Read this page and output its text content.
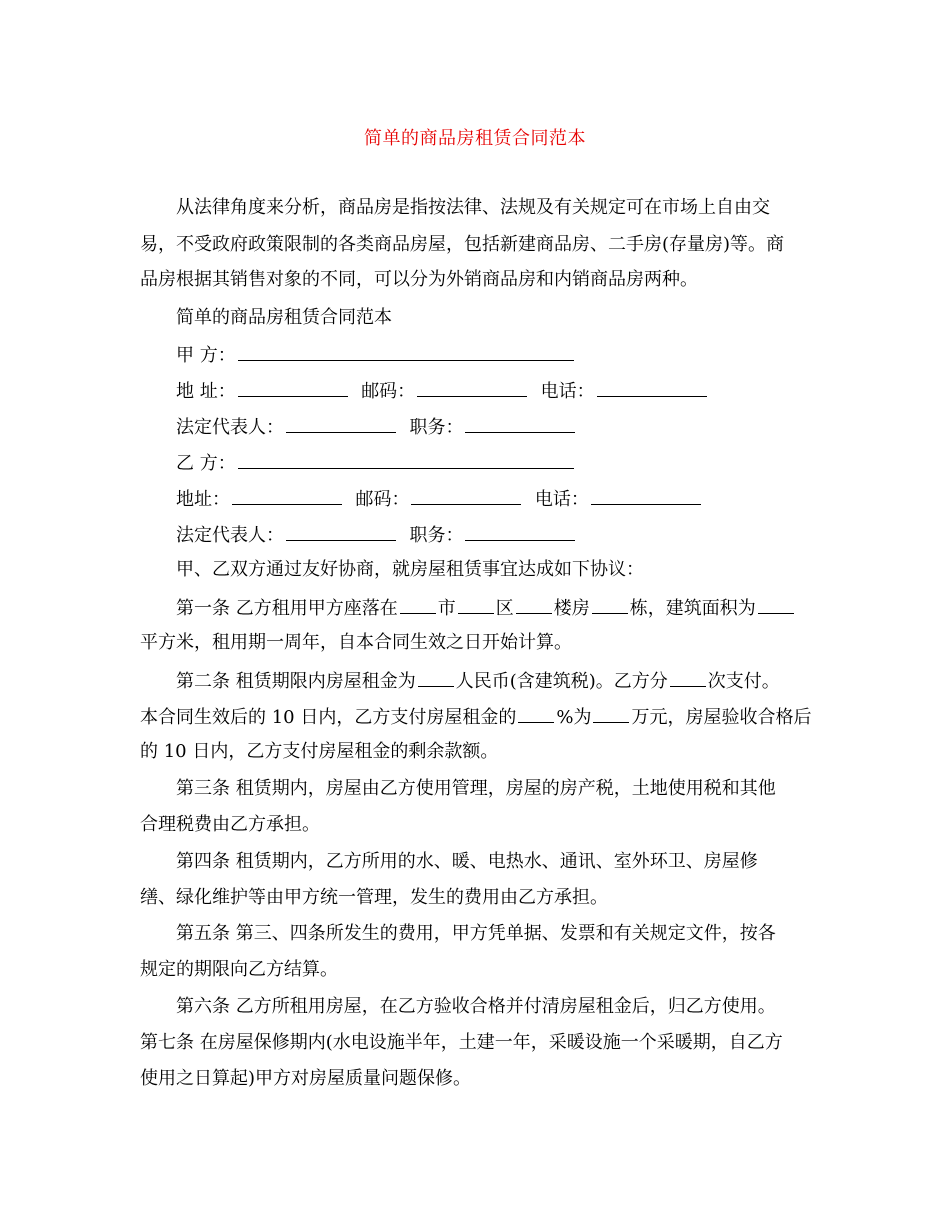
简单的商品房租赁合同范本
从法律角度来分析，商品房是指按法律、法规及有关规定可在市场上自由交
易，不受政府政策限制的各类商品房屋，包括新建商品房、二手房(存量房)等。商
品房根据其销售对象的不同，可以分为外销商品房和内销商品房两种。
简单的商品房租赁合同范本
甲 方：
地 址：	邮码：	电话：
法定代表人：	职务：
乙 方：
地址：	邮码：	电话：
法定代表人：	职务：
甲、乙双方通过友好协商，就房屋租赁事宜达成如下协议：
第一条 乙方租用甲方座落在 市 区 楼房 栋，建筑面积为
平方米，租用期一周年，自本合同生效之日开始计算。
第二条 租赁期限内房屋租金为 人民币(含建筑税)。乙方分 次支付。
本合同生效后的 10 日内，乙方支付房屋租金的 %为 万元，房屋验收合格后
的 10 日内，乙方支付房屋租金的剩余款额。
第三条 租赁期内，房屋由乙方使用管理，房屋的房产税，土地使用税和其他
合理税费由乙方承担。
第四条 租赁期内，乙方所用的水、暖、电热水、通讯、室外环卫、房屋修
缮、绿化维护等由甲方统一管理，发生的费用由乙方承担。
第五条 第三、四条所发生的费用，甲方凭单据、发票和有关规定文件，按各
规定的期限向乙方结算。
第六条 乙方所租用房屋，在乙方验收合格并付清房屋租金后，归乙方使用。
第七条 在房屋保修期内(水电设施半年，土建一年，采暖设施一个采暖期，自乙方
使用之日算起)甲方对房屋质量问题保修。
